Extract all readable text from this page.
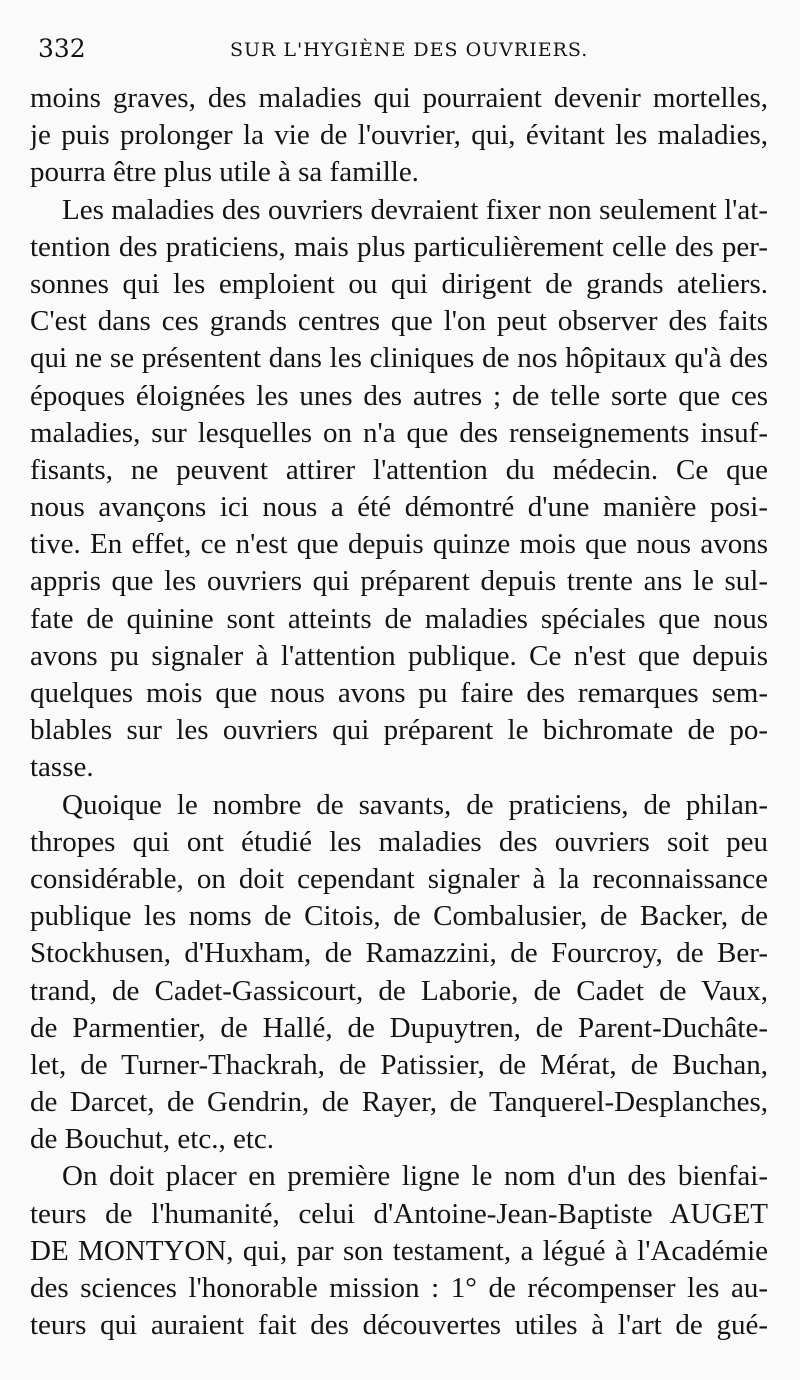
332	SUR L'HYGIÈNE DES OUVRIERS.
moins graves, des maladies qui pourraient devenir mortelles,
je puis prolonger la vie de l'ouvrier, qui, évitant les maladies,
pourra être plus utile à sa famille.
Les maladies des ouvriers devraient fixer non seulement l'at-
tention des praticiens, mais plus particulièrement celle des per-
sonnes qui les emploient ou qui dirigent de grands ateliers.
C'est dans ces grands centres que l'on peut observer des faits
qui ne se présentent dans les cliniques de nos hôpitaux qu'à des
époques éloignées les unes des autres ; de telle sorte que ces
maladies, sur lesquelles on n'a que des renseignements insuf-
fisants, ne peuvent attirer l'attention du médecin. Ce que
nous avançons ici nous a été démontré d'une manière posi-
tive. En effet, ce n'est que depuis quinze mois que nous avons
appris que les ouvriers qui préparent depuis trente ans le sul-
fate de quinine sont atteints de maladies spéciales que nous
avons pu signaler à l'attention publique. Ce n'est que depuis
quelques mois que nous avons pu faire des remarques sem-
blables sur les ouvriers qui préparent le bichromate de po-
tasse.
Quoique le nombre de savants, de praticiens, de philan-
thropes qui ont étudié les maladies des ouvriers soit peu
considérable, on doit cependant signaler à la reconnaissance
publique les noms de Citois, de Combalusier, de Backer, de
Stockhusen, d'Huxham, de Ramazzini, de Fourcroy, de Ber-
trand, de Cadet-Gassicourt, de Laborie, de Cadet de Vaux,
de Parmentier, de Hallé, de Dupuytren, de Parent-Duchâte-
let, de Turner-Thackrah, de Patissier, de Mérat, de Buchan,
de Darcet, de Gendrin, de Rayer, de Tanquerel-Desplanches,
de Bouchut, etc., etc.
On doit placer en première ligne le nom d'un des bienfai-
teurs de l'humanité, celui d'Antoine-Jean-Baptiste AUGET
DE MONTYON, qui, par son testament, a légué à l'Académie
des sciences l'honorable mission : 1° de récompenser les au-
teurs qui auraient fait des découvertes utiles à l'art de gué-
